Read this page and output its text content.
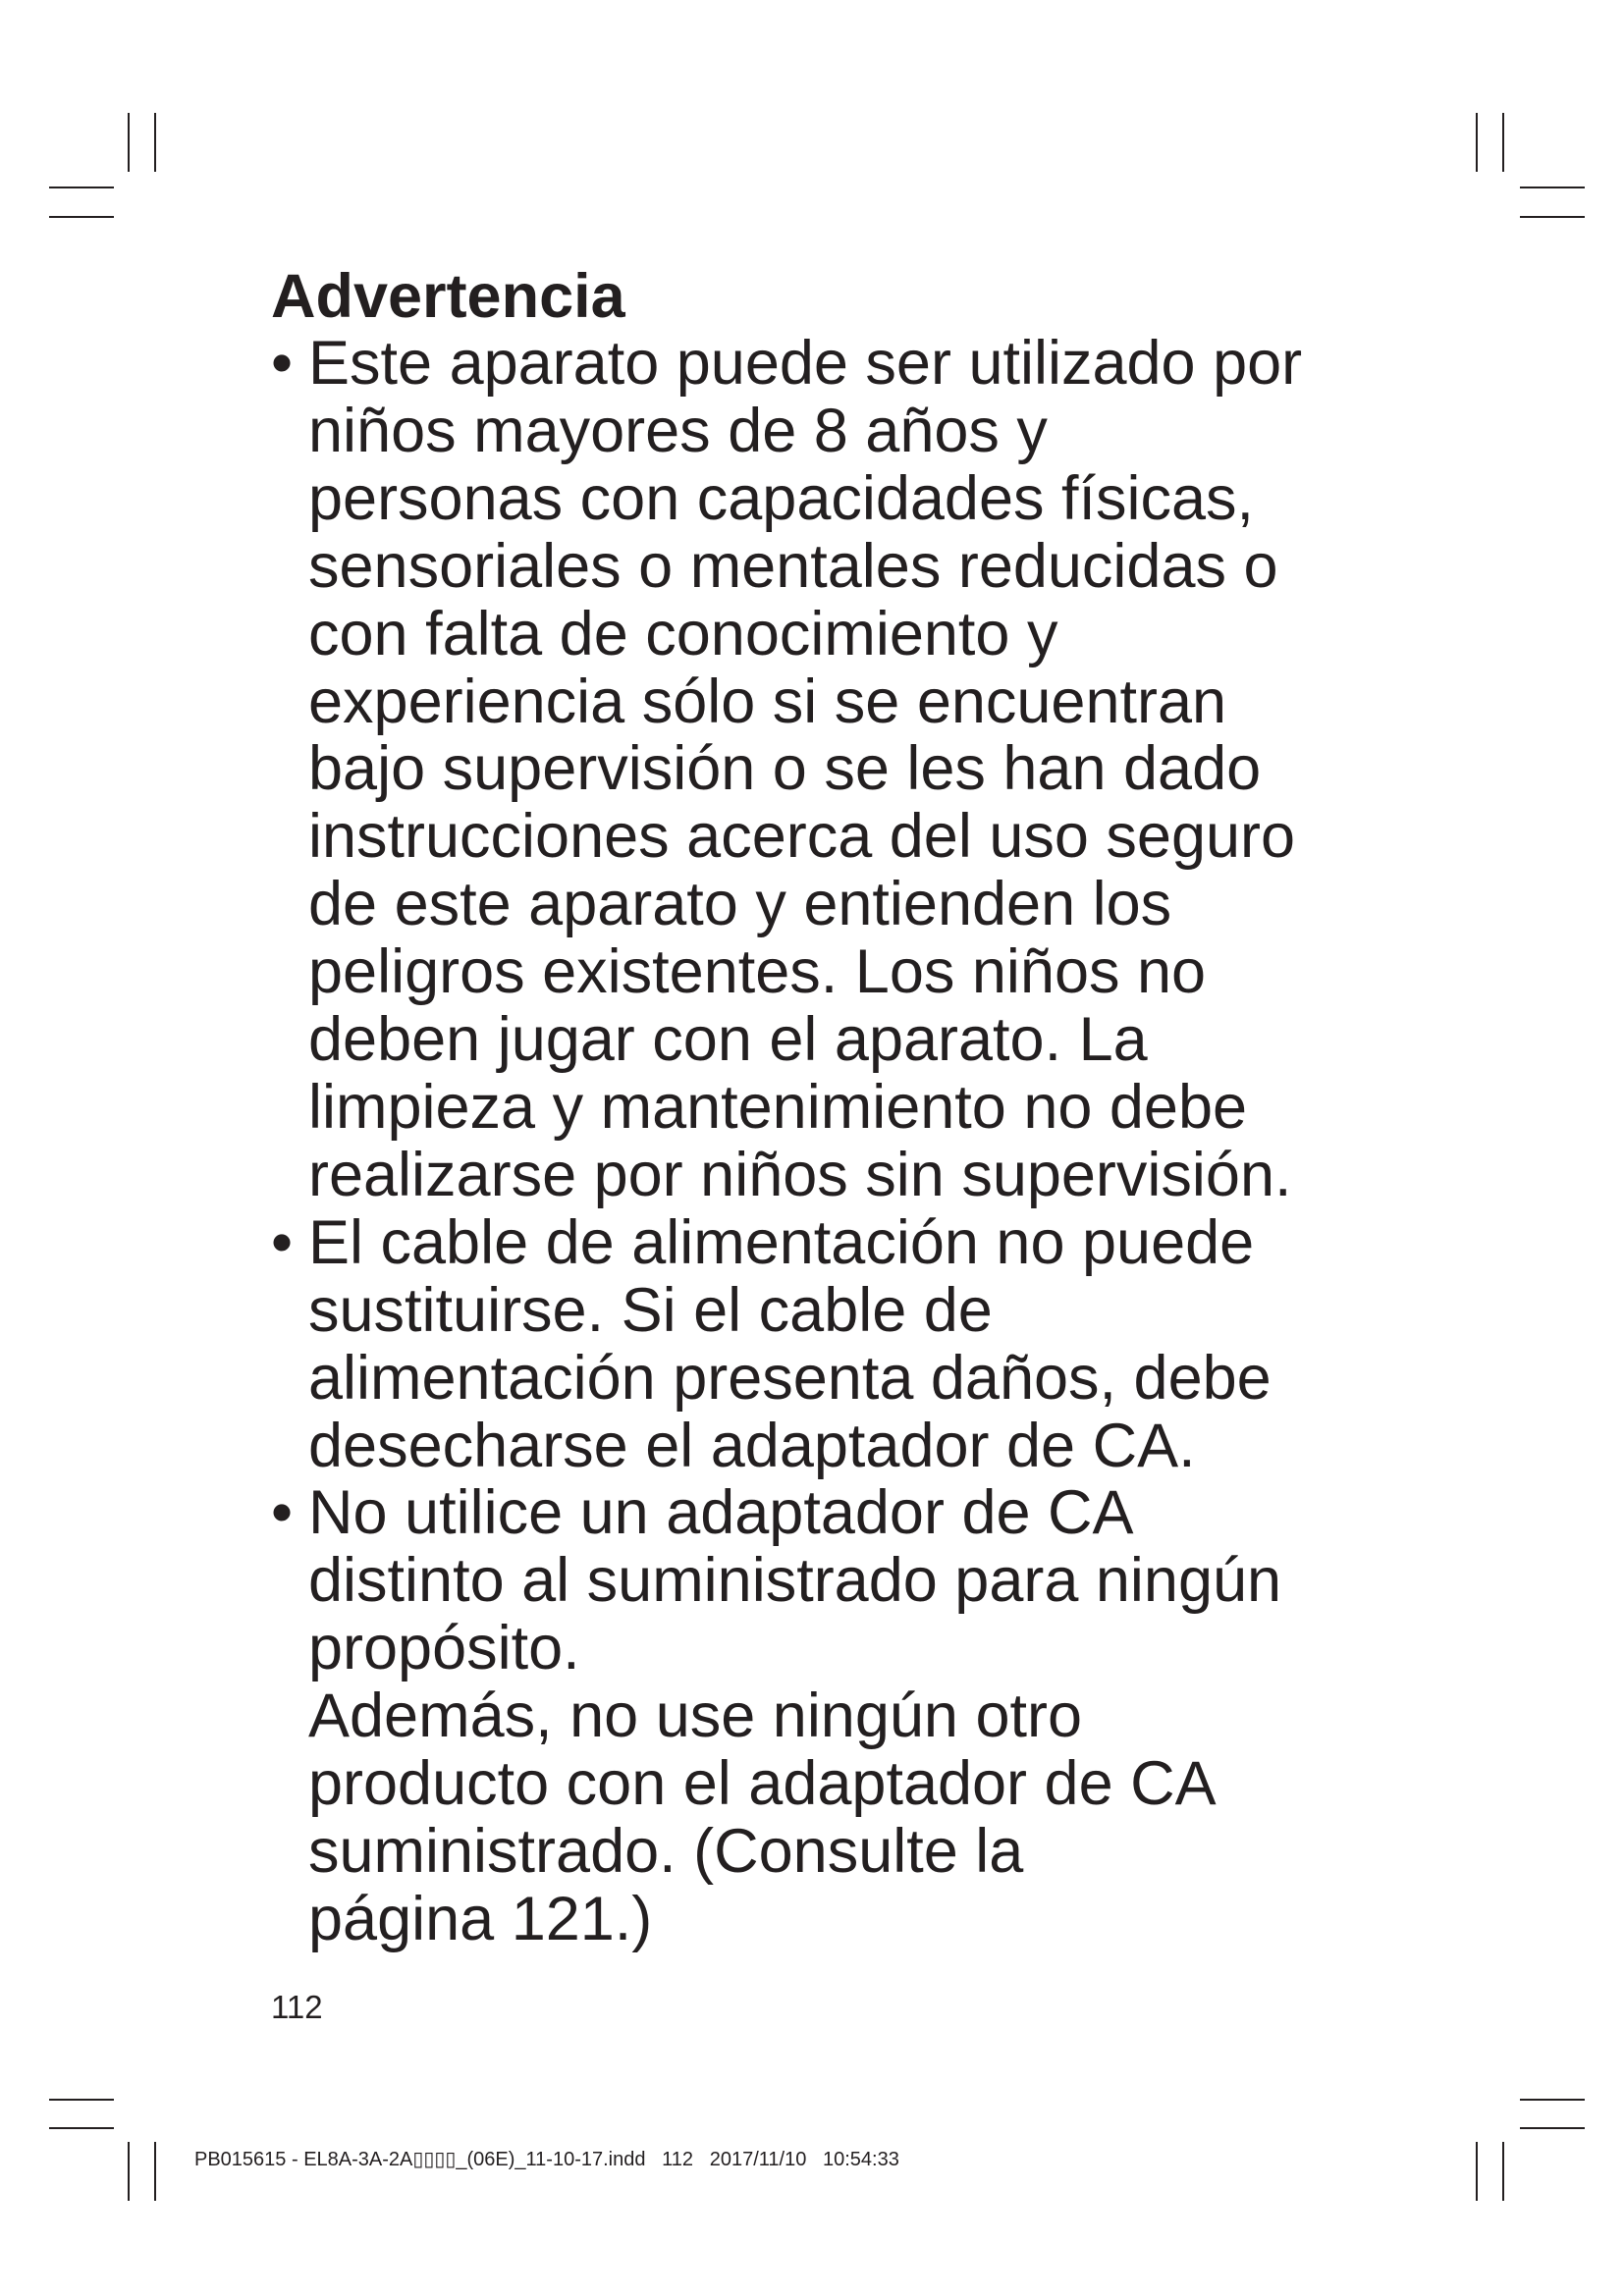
Advertencia
• Este aparato puede ser utilizado por
niños mayores de 8 años y
personas con capacidades físicas,
sensoriales o mentales reducidas o
con falta de conocimiento y
experiencia sólo si se encuentran
bajo supervisión o se les han dado
instrucciones acerca del uso seguro
de este aparato y entienden los
peligros existentes. Los niños no
deben jugar con el aparato. La
limpieza y mantenimiento no debe
realizarse por niños sin supervisión.
• El cable de alimentación no puede
sustituirse. Si el cable de
alimentación presenta daños, debe
desecharse el adaptador de CA.
• No utilice un adaptador de CA
distinto al suministrado para ningún
propósito.
Además, no use ningún otro
producto con el adaptador de CA
suministrado. (Consulte la
página 121.)

112

PB015615 - EL8A-3A-2A▯▯▯▯_(06E)_11-10-17.indd   112   2017/11/10   10:54:33
